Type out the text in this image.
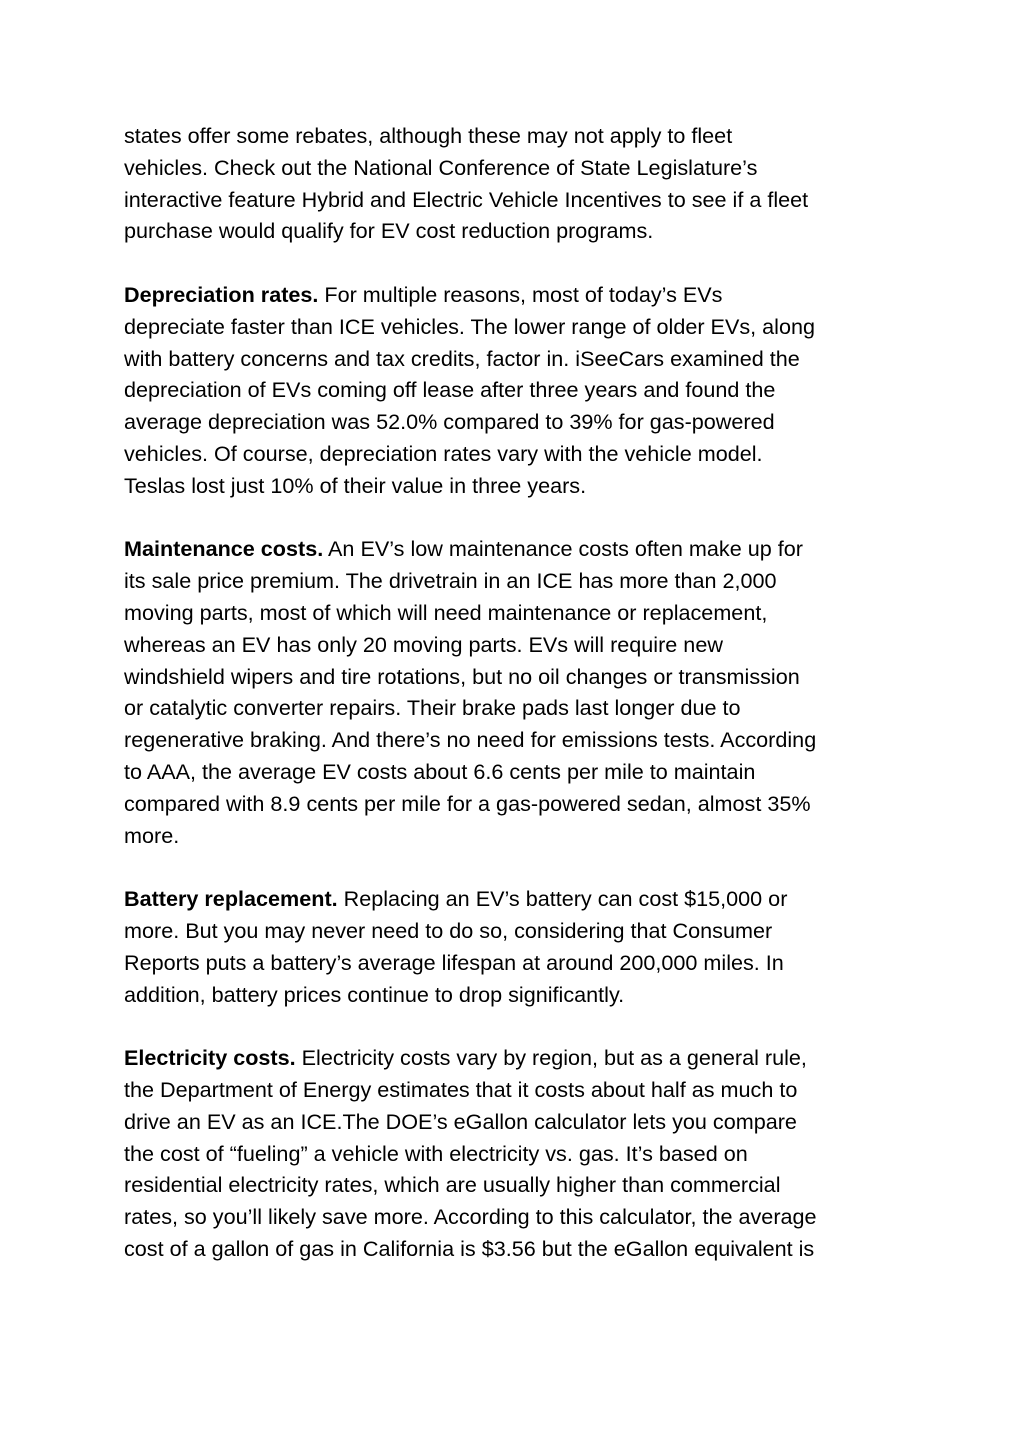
states offer some rebates, although these may not apply to fleet
vehicles. Check out the National Conference of State Legislature’s
interactive feature Hybrid and Electric Vehicle Incentives to see if a fleet
purchase would qualify for EV cost reduction programs.

Depreciation rates. For multiple reasons, most of today’s EVs
depreciate faster than ICE vehicles. The lower range of older EVs, along
with battery concerns and tax credits, factor in. iSeeCars examined the
depreciation of EVs coming off lease after three years and found the
average depreciation was 52.0% compared to 39% for gas-powered
vehicles. Of course, depreciation rates vary with the vehicle model.
Teslas lost just 10% of their value in three years.

Maintenance costs. An EV’s low maintenance costs often make up for
its sale price premium. The drivetrain in an ICE has more than 2,000
moving parts, most of which will need maintenance or replacement,
whereas an EV has only 20 moving parts. EVs will require new
windshield wipers and tire rotations, but no oil changes or transmission
or catalytic converter repairs. Their brake pads last longer due to
regenerative braking. And there’s no need for emissions tests. According
to AAA, the average EV costs about 6.6 cents per mile to maintain
compared with 8.9 cents per mile for a gas-powered sedan, almost 35%
more.

Battery replacement. Replacing an EV’s battery can cost $15,000 or
more. But you may never need to do so, considering that Consumer
Reports puts a battery’s average lifespan at around 200,000 miles. In
addition, battery prices continue to drop significantly.

Electricity costs. Electricity costs vary by region, but as a general rule,
the Department of Energy estimates that it costs about half as much to
drive an EV as an ICE.The DOE’s eGallon calculator lets you compare
the cost of “fueling” a vehicle with electricity vs. gas. It’s based on
residential electricity rates, which are usually higher than commercial
rates, so you’ll likely save more. According to this calculator, the average
cost of a gallon of gas in California is $3.56 but the eGallon equivalent is
